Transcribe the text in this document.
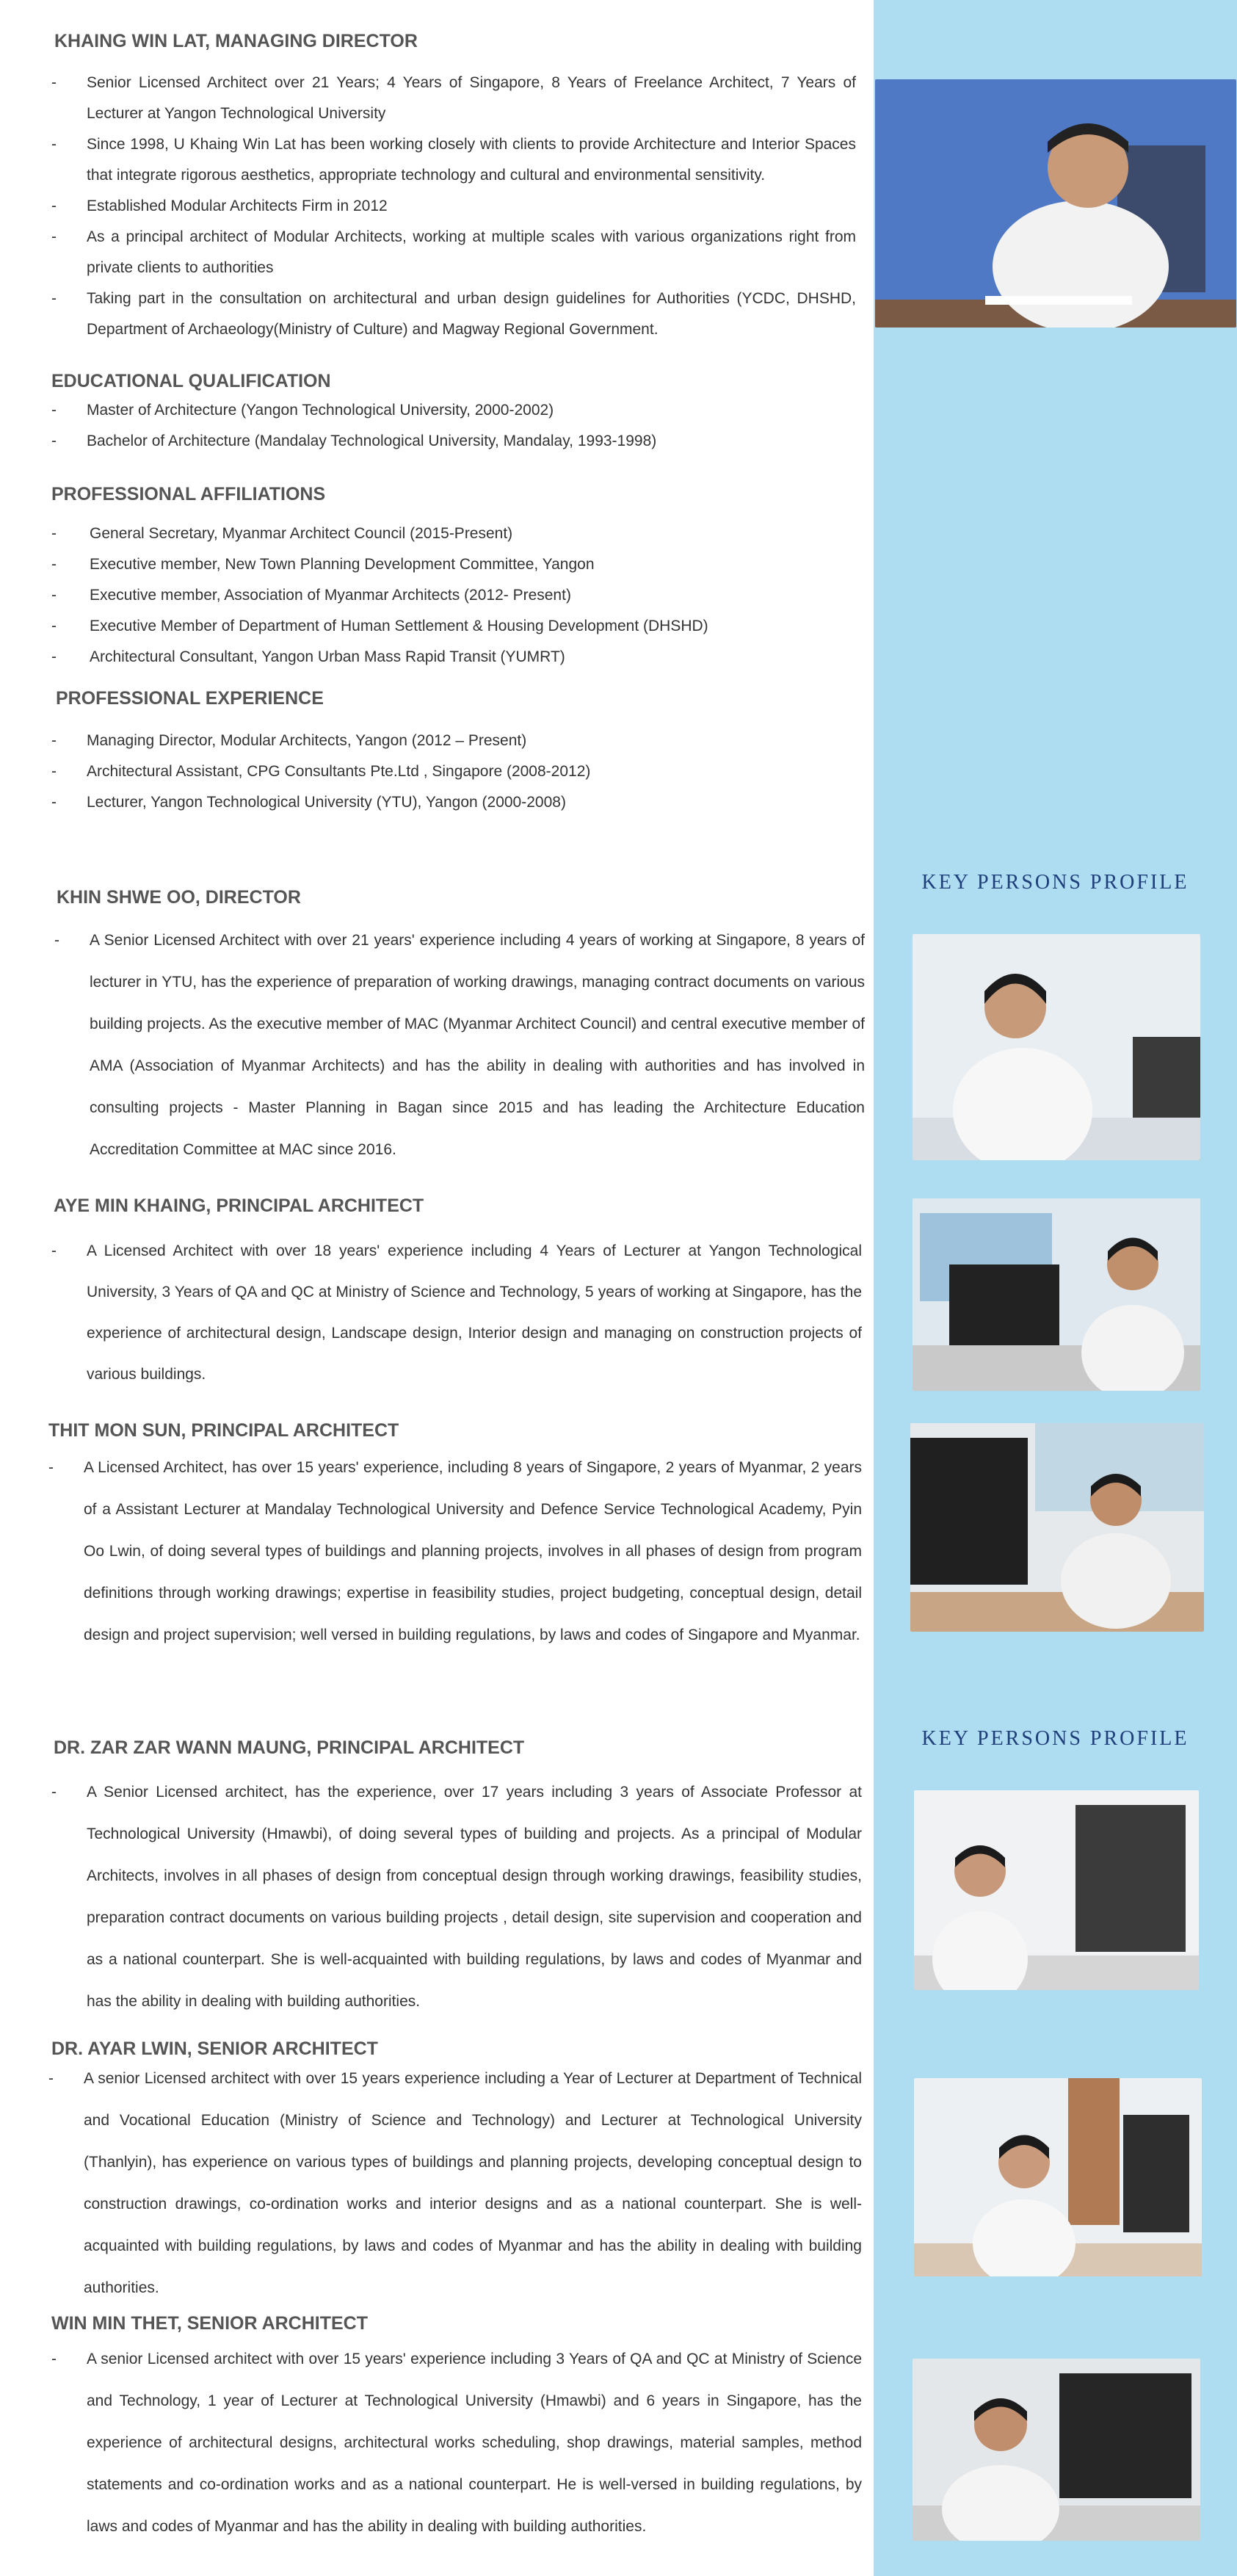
KEY PERSONS PROFILE
KEY PERSONS PROFILE
KHAING WIN LAT, MANAGING DIRECTOR
- Senior Licensed Architect over 21 Years; 4 Years of Singapore, 8 Years of Freelance Architect, 7 Years of Lecturer at Yangon Technological University
- Since 1998, U Khaing Win Lat has been working closely with clients to provide Architecture and Interior Spaces that integrate rigorous aesthetics, appropriate technology and cultural and environmental sensitivity.
- Established Modular Architects Firm in 2012
- As a principal architect of Modular Architects, working at multiple scales with various organizations right from private clients to authorities
- Taking part in the consultation on architectural and urban design guidelines for Authorities (YCDC, DHSHD, Department of Archaeology(Ministry of Culture) and Magway Regional Government.
EDUCATIONAL QUALIFICATION
- Master of Architecture (Yangon Technological University, 2000-2002)
- Bachelor of Architecture (Mandalay Technological University, Mandalay, 1993-1998)
PROFESSIONAL AFFILIATIONS
- General Secretary, Myanmar Architect Council (2015-Present)
- Executive member, New Town Planning Development Committee, Yangon
- Executive member, Association of Myanmar Architects (2012- Present)
- Executive Member of Department of Human Settlement & Housing Development (DHSHD)
- Architectural Consultant, Yangon Urban Mass Rapid Transit (YUMRT)
PROFESSIONAL EXPERIENCE
- Managing Director, Modular Architects, Yangon (2012 – Present)
- Architectural Assistant, CPG Consultants Pte.Ltd , Singapore (2008-2012)
- Lecturer, Yangon Technological University (YTU), Yangon (2000-2008)
KHIN SHWE OO, DIRECTOR
- A Senior Licensed Architect with over 21 years' experience including 4 years of working at Singapore, 8 years of lecturer in YTU, has the experience of preparation of working drawings, managing contract documents on various building projects. As the executive member of MAC (Myanmar Architect Council) and central executive member of AMA (Association of Myanmar Architects) and has the ability in dealing with authorities and has involved in consulting projects - Master Planning in Bagan since 2015 and has leading the Architecture Education Accreditation Committee at MAC since 2016.
AYE MIN KHAING, PRINCIPAL ARCHITECT
- A Licensed Architect with over 18 years' experience including 4 Years of Lecturer at Yangon Technological University, 3 Years of QA and QC at Ministry of Science and Technology, 5 years of working at Singapore, has the experience of architectural design, Landscape design, Interior design and managing on construction projects of various buildings.
THIT MON SUN, PRINCIPAL ARCHITECT
- A Licensed Architect, has over 15 years' experience, including 8 years of Singapore, 2 years of Myanmar, 2 years of a Assistant Lecturer at Mandalay Technological University and Defence Service Technological Academy, Pyin Oo Lwin, of doing several types of buildings and planning projects, involves in all phases of design from program definitions through working drawings; expertise in feasibility studies, project budgeting, conceptual design, detail design and project supervision; well versed in building regulations, by laws and codes of Singapore and Myanmar.
DR. ZAR ZAR WANN MAUNG, PRINCIPAL ARCHITECT
- A Senior Licensed architect, has the experience, over 17 years including 3 years of Associate Professor at Technological University (Hmawbi), of doing several types of building and projects. As a principal of Modular Architects, involves in all phases of design from conceptual design through working drawings, feasibility studies, preparation contract documents on various building projects , detail design, site supervision and cooperation and as a national counterpart. She is well-acquainted with building regulations, by laws and codes of Myanmar and has the ability in dealing with building authorities.
DR. AYAR LWIN, SENIOR ARCHITECT
- A senior Licensed architect with over 15 years experience including a Year of Lecturer at Department of Technical and Vocational Education (Ministry of Science and Technology) and Lecturer at Technological University (Thanlyin), has experience on various types of buildings and planning projects, developing conceptual design to construction drawings, co-ordination works and interior designs and as a national counterpart. She is well-acquainted with building regulations, by laws and codes of Myanmar and has the ability in dealing with building authorities.
WIN MIN THET, SENIOR ARCHITECT
- A senior Licensed architect with over 15 years' experience including 3 Years of QA and QC at Ministry of Science and Technology, 1 year of Lecturer at Technological University (Hmawbi) and 6 years in Singapore, has the experience of architectural designs, architectural works scheduling, shop drawings, material samples, method statements and co-ordination works and as a national counterpart. He is well-versed in building regulations, by laws and codes of Myanmar and has the ability in dealing with building authorities.
